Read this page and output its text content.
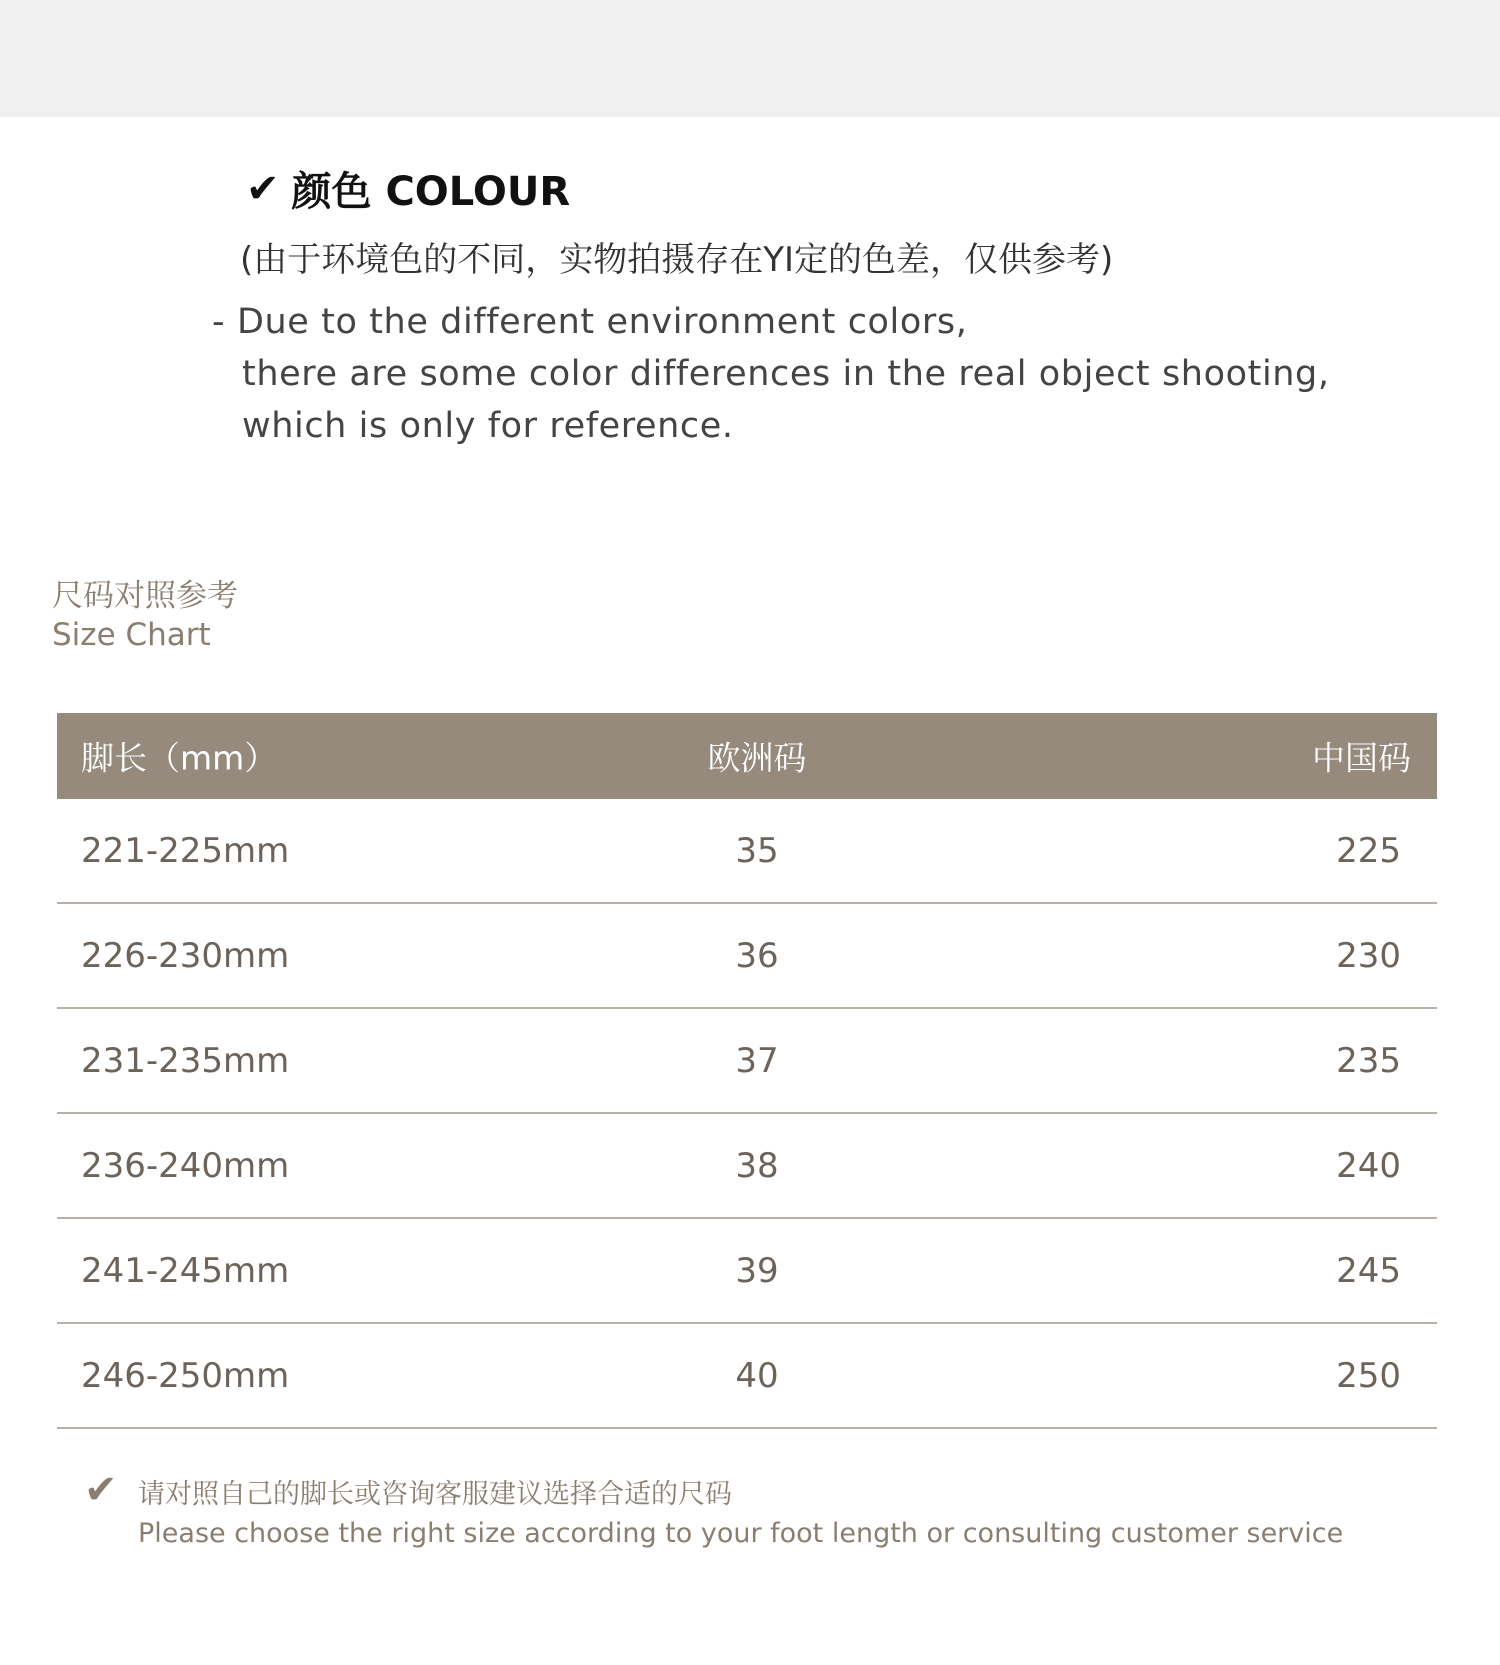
✔ 颜色 COLOUR
(由于环境色的不同，实物拍摄存在YI定的色差，仅供参考)
- Due to the different environment colors,
there are some color differences in the real object shooting,
which is only for reference.
尺码对照参考
Size Chart
脚长（mm）	欧洲码	中国码
221-225mm	35	225
226-230mm	36	230
231-235mm	37	235
236-240mm	38	240
241-245mm	39	245
246-250mm	40	250
✔ 请对照自己的脚长或咨询客服建议选择合适的尺码
Please choose the right size according to your foot length or consulting customer service
